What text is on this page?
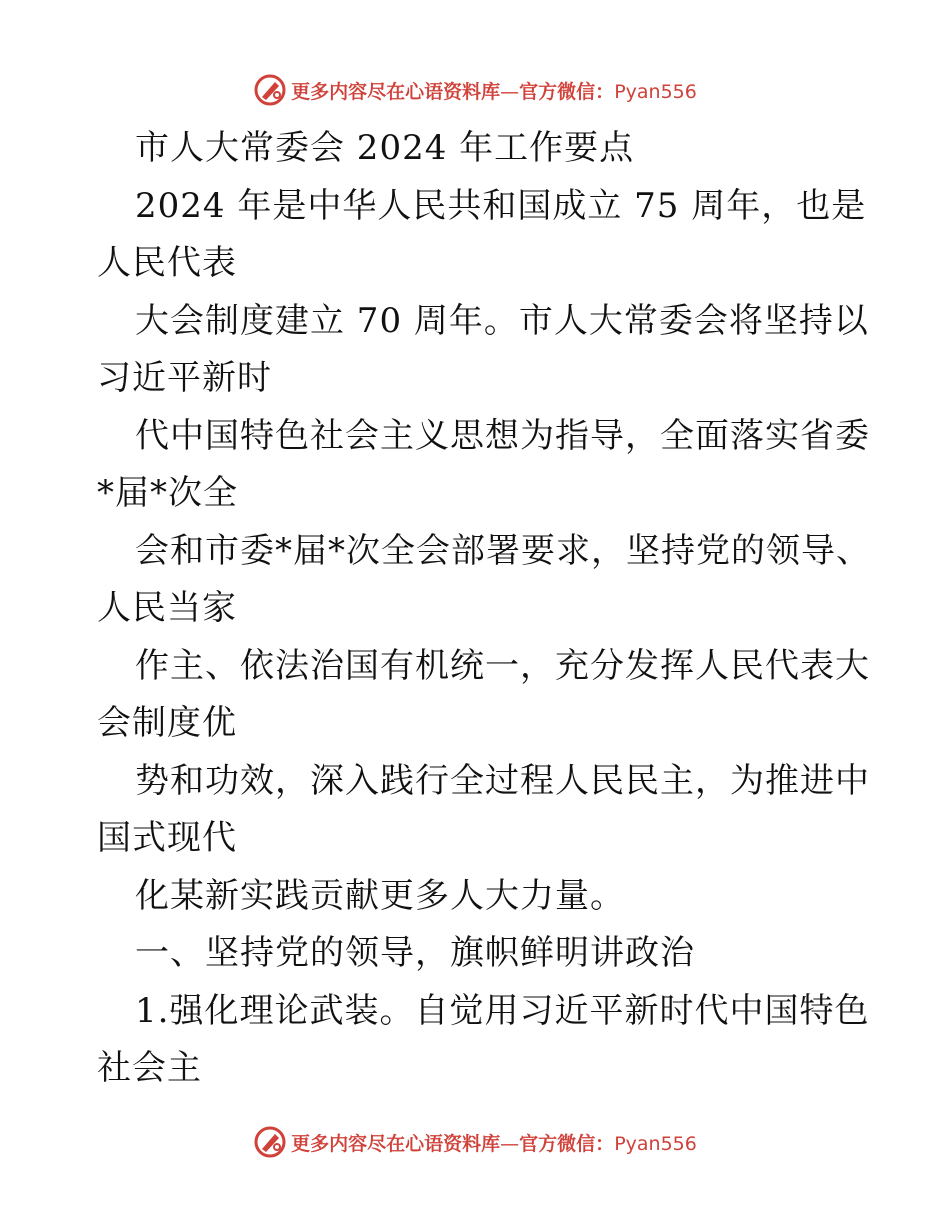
更多内容尽在心语资料库—官方微信：Pyan556
市人大常委会 2024 年工作要点
2024 年是中华人民共和国成立 75 周年，也是
人民代表
大会制度建立 70 周年。市人大常委会将坚持以
习近平新时
代中国特色社会主义思想为指导，全面落实省委
*届*次全
会和市委*届*次全会部署要求，坚持党的领导、
人民当家
作主、依法治国有机统一，充分发挥人民代表大
会制度优
势和功效，深入践行全过程人民民主，为推进中
国式现代
化某新实践贡献更多人大力量。
一、坚持党的领导，旗帜鲜明讲政治
1.强化理论武装。自觉用习近平新时代中国特色
社会主
更多内容尽在心语资料库—官方微信：Pyan556
